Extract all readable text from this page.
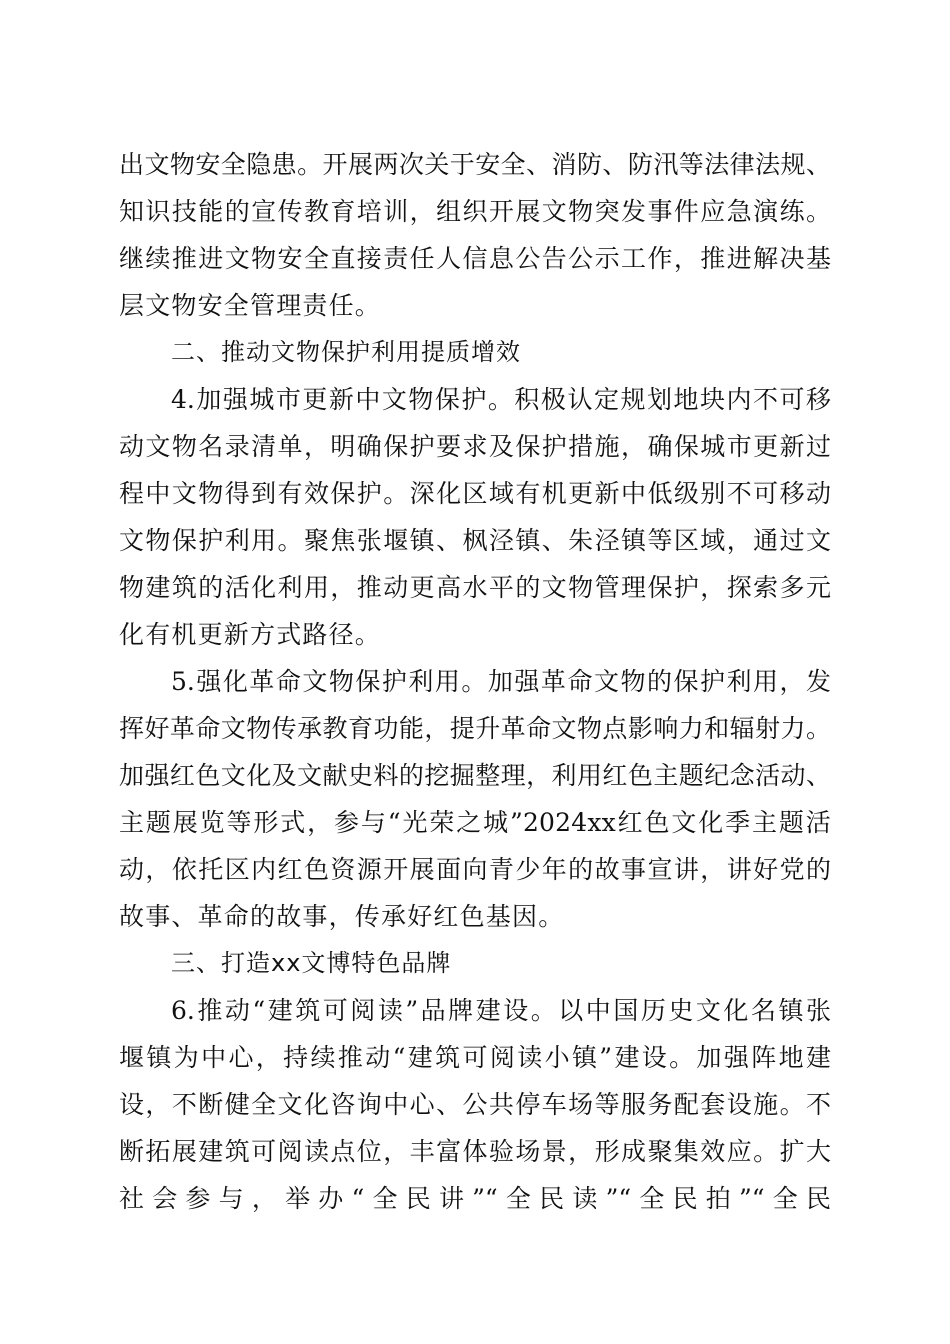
出文物安全隐患。开展两次关于安全、消防、防汛等法律法规、
知识技能的宣传教育培训，组织开展文物突发事件应急演练。
继续推进文物安全直接责任人信息公告公示工作，推进解决基
层文物安全管理责任。
二、推动文物保护利用提质增效
4.加强城市更新中文物保护。积极认定规划地块内不可移
动文物名录清单，明确保护要求及保护措施，确保城市更新过
程中文物得到有效保护。深化区域有机更新中低级别不可移动
文物保护利用。聚焦张堰镇、枫泾镇、朱泾镇等区域，通过文
物建筑的活化利用，推动更高水平的文物管理保护，探索多元
化有机更新方式路径。
5.强化革命文物保护利用。加强革命文物的保护利用，发
挥好革命文物传承教育功能，提升革命文物点影响力和辐射力。
加强红色文化及文献史料的挖掘整理，利用红色主题纪念活动、
主题展览等形式，参与“光荣之城”2024xx红色文化季主题活
动，依托区内红色资源开展面向青少年的故事宣讲，讲好党的
故事、革命的故事，传承好红色基因。
三、打造xx文博特色品牌
6.推动“建筑可阅读”品牌建设。以中国历史文化名镇张
堰镇为中心，持续推动“建筑可阅读小镇”建设。加强阵地建
设，不断健全文化咨询中心、公共停车场等服务配套设施。不
断拓展建筑可阅读点位，丰富体验场景，形成聚集效应。扩大
社会参与，举办“全民讲”“全民读”“全民拍”“全民
